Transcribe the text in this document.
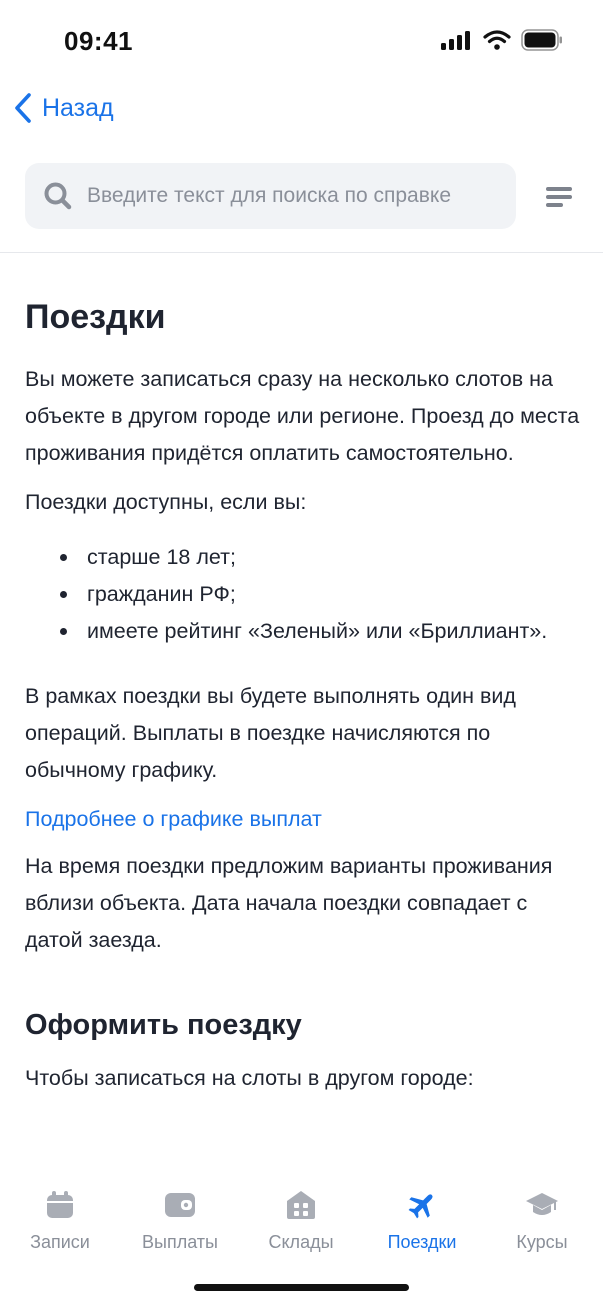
09:41
Назад
Введите текст для поиска по справке
Поездки

Вы можете записаться сразу на несколько слотов на объекте в другом городе или регионе. Проезд до места проживания придётся оплатить самостоятельно.

Поездки доступны, если вы:

старше 18 лет;
гражданин РФ;
имеете рейтинг «Зеленый» или «Бриллиант».

В рамках поездки вы будете выполнять один вид операций. Выплаты в поездке начисляются по обычному графику.

Подробнее о графике выплат

На время поездки предложим варианты проживания вблизи объекта. Дата начала поездки совпадает с датой заезда.

Оформить поездку

Чтобы записаться на слоты в другом городе:

Записи	Выплаты	Склады	Поездки	Курсы
